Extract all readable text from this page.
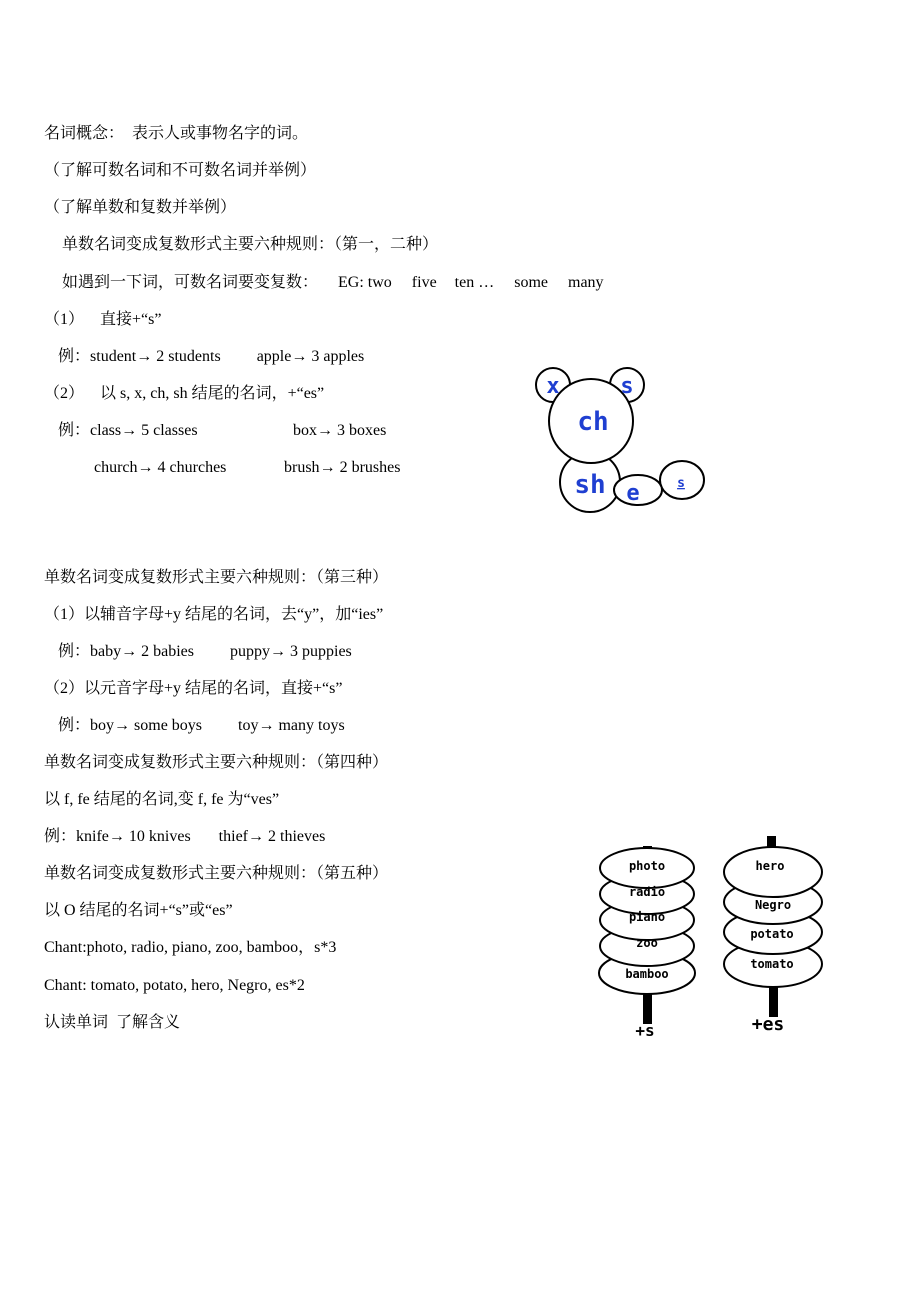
名词概念：  表示人或事物名字的词。
（了解可数名词和不可数名词并举例）
（了解单数和复数并举例）
单数名词变成复数形式主要六种规则：（第一，二种）
如遇到一下词，可数名词要变复数： EG: two five ten … some many
（1） 直接+“s”
例：student→ 2 students apple→ 3 apples
（2） 以 s, x, ch, sh 结尾的名词，+“es”
例：class→ 5 classes	box→ 3 boxes
church→ 4 churches	brush→ 2 brushes
x	s
ch
sh e	s
单数名词变成复数形式主要六种规则：（第三种）
（1）以辅音字母+y 结尾的名词，去“y”，加“ies”
例：baby→ 2 babies puppy→ 3 puppies
（2）以元音字母+y 结尾的名词，直接+“s”
例：boy→ some boys toy→ many toys
单数名词变成复数形式主要六种规则：（第四种）
以 f, fe 结尾的名词,变 f, fe 为“ves”
例：knife→ 10 knives thief→ 2 thieves
单数名词变成复数形式主要六种规则：（第五种）
以 O 结尾的名词+“s”或“es”
Chant:photo, radio, piano, zoo, bamboo，s*3
Chant: tomato, potato, hero, Negro, es*2
认读单词  了解含义
photo
radio
piano
zoo
bamboo
+s
hero
Negro
potato
tomato
+es
